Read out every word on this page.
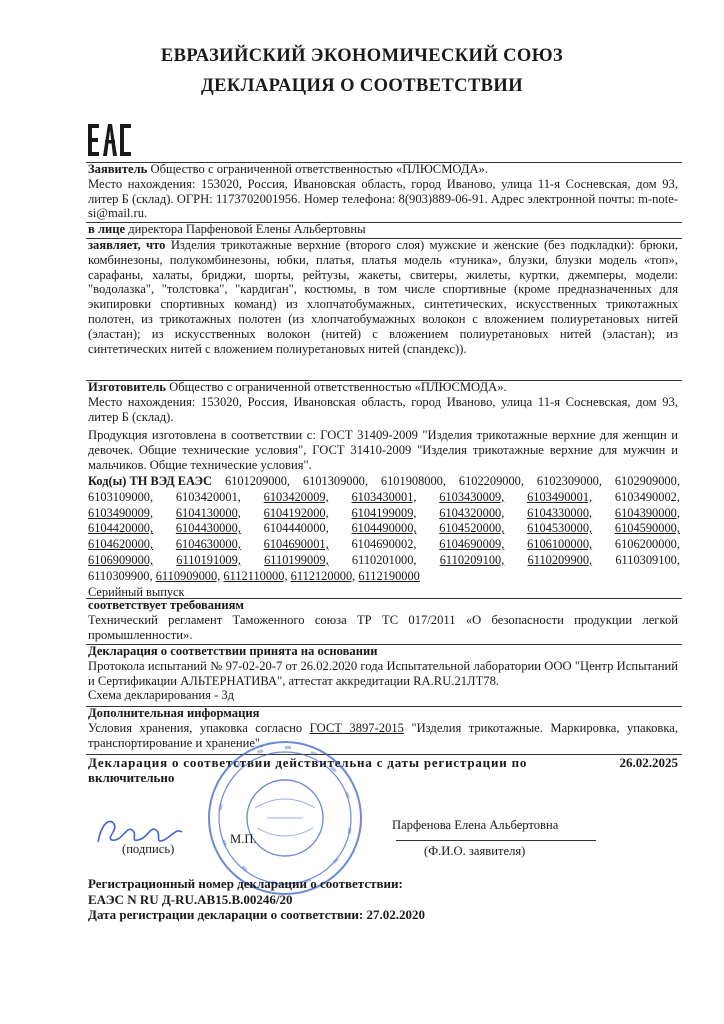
ЕВРАЗИЙСКИЙ ЭКОНОМИЧЕСКИЙ СОЮЗ
ДЕКЛАРАЦИЯ О СООТВЕТСТВИИ
Заявитель Общество с ограниченной ответственностью «ПЛЮСМОДА».
Место нахождения: 153020, Россия, Ивановская область, город Иваново, улица 11-я Сосневская, дом 93, литер Б (склад). ОГРН: 1173702001956. Номер телефона: 8(903)889-06-91. Адрес электронной почты: m-note-si@mail.ru.
в лице директора Парфеновой Елены Альбертовны
заявляет, что Изделия трикотажные верхние (второго слоя) мужские и женские (без подкладки): брюки, комбинезоны, полукомбинезоны, юбки, платья, платья модель «туника», блузки, блузки модель «топ», сарафаны, халаты, бриджи, шорты, рейтузы, жакеты, свитеры, жилеты, куртки, джемперы, модели: "водолазка", "толстовка", "кардиган", костюмы, в том числе спортивные (кроме предназначенных для экипировки спортивных команд) из хлопчатобумажных, синтетических, искусственных трикотажных полотен, из трикотажных полотен (из хлопчатобумажных волокон с вложением полиуретановых нитей (эластан); из искусственных волокон (нитей) с вложением полиуретановых нитей (эластан); из синтетических нитей с вложением полиуретановых нитей (спандекс)).
Изготовитель Общество с ограниченной ответственностью «ПЛЮСМОДА».
Место нахождения: 153020, Россия, Ивановская область, город Иваново, улица 11-я Сосневская, дом 93, литер Б (склад).
Продукция изготовлена в соответствии с: ГОСТ 31409-2009 "Изделия трикотажные верхние для женщин и девочек. Общие технические условия", ГОСТ 31410-2009 "Изделия трикотажные верхние для мужчин и мальчиков. Общие технические условия".
Код(ы) ТН ВЭД ЕАЭС 6101209000, 6101309000, 6101908000, 6102209000, 6102309000, 6102909000,
6103109000, 6103420001, 6103420009, 6103430001, 6103430009, 6103490001, 6103490002,
6103490009, 6104130000, 6104192000, 6104199009, 6104320000, 6104330000, 6104390000,
6104420000, 6104430000, 6104440000, 6104490000, 6104520000, 6104530000, 6104590000,
6104620000, 6104630000, 6104690001, 6104690002, 6104690009, 6106100000, 6106200000,
6106909000, 6110191009, 6110199009, 6110201000, 6110209100, 6110209900, 6110309100,
6110309900, 6110909000, 6112110000, 6112120000, 6112190000
Серийный выпуск
соответствует требованиям
Технический регламент Таможенного союза ТР ТС 017/2011 «О безопасности продукции легкой промышленности».
Декларация о соответствии принята на основании
Протокола испытаний № 97-02-20-7 от 26.02.2020 года Испытательной лаборатории ООО "Центр Испытаний и Сертификации АЛЬТЕРНАТИВА", аттестат аккредитации RA.RU.21ЛТ78.
Схема декларирования - 3д
Дополнительная информация
Условия хранения, упаковка согласно ГОСТ 3897-2015 "Изделия трикотажные. Маркировка, упаковка, транспортирование и хранение".
Декларация о соответствии действительна с даты регистрации по	26.02.2025
включительно
(подпись)
М.П.
Парфенова Елена Альбертовна
(Ф.И.О. заявителя)
Регистрационный номер декларации о соответствии:
ЕАЭС N RU Д-RU.АВ15.В.00246/20
Дата регистрации декларации о соответствии: 27.02.2020
